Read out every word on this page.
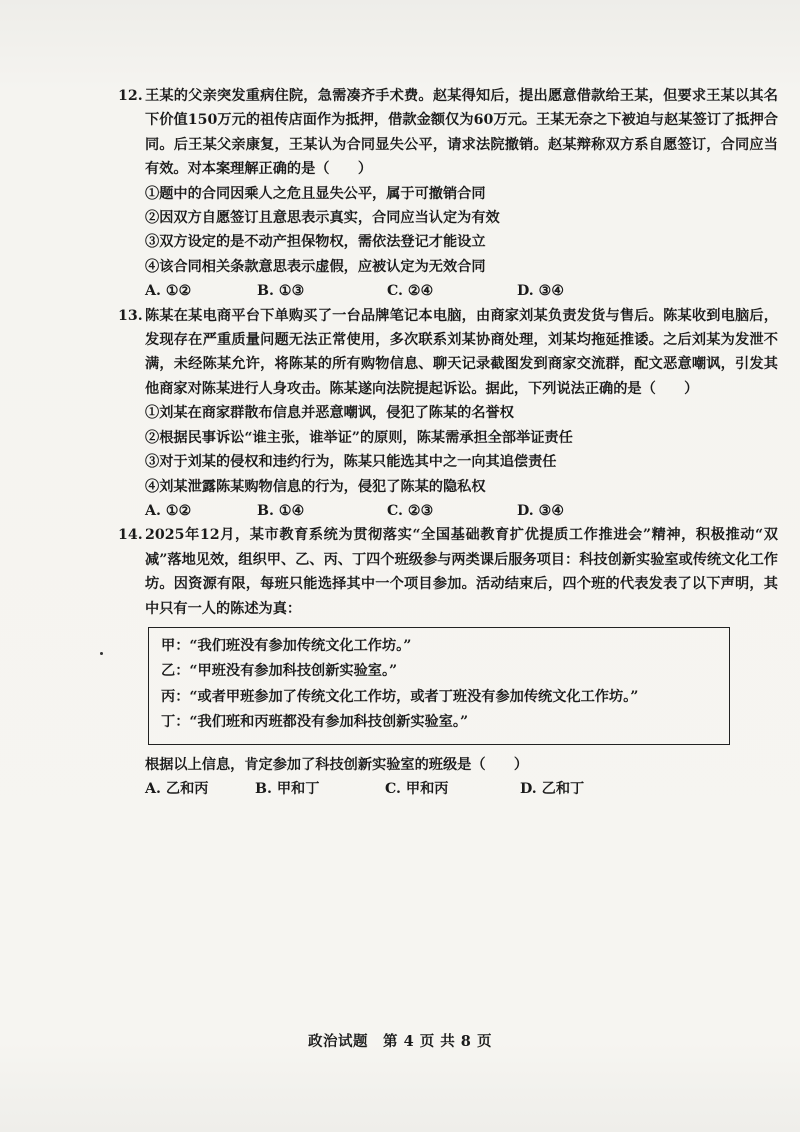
12. 王某的父亲突发重病住院，急需凑齐手术费。赵某得知后，提出愿意借款给王某，但要求王某以其名下价值150万元的祖传店面作为抵押，借款金额仅为60万元。王某无奈之下被迫与赵某签订了抵押合同。后王某父亲康复，王某认为合同显失公平，请求法院撤销。赵某辩称双方系自愿签订，合同应当有效。对本案理解正确的是（　　）
①题中的合同因乘人之危且显失公平，属于可撤销合同
②因双方自愿签订且意思表示真实，合同应当认定为有效
③双方设定的是不动产担保物权，需依法登记才能设立
④该合同相关条款意思表示虚假，应被认定为无效合同
A. ①②	B. ①③	C. ②④	D. ③④
13. 陈某在某电商平台下单购买了一台品牌笔记本电脑，由商家刘某负责发货与售后。陈某收到电脑后，发现存在严重质量问题无法正常使用，多次联系刘某协商处理，刘某均拖延推诿。之后刘某为发泄不满，未经陈某允许，将陈某的所有购物信息、聊天记录截图发到商家交流群，配文恶意嘲讽，引发其他商家对陈某进行人身攻击。陈某遂向法院提起诉讼。据此，下列说法正确的是（　　）
①刘某在商家群散布信息并恶意嘲讽，侵犯了陈某的名誉权
②根据民事诉讼“谁主张，谁举证”的原则，陈某需承担全部举证责任
③对于刘某的侵权和违约行为，陈某只能选其中之一向其追偿责任
④刘某泄露陈某购物信息的行为，侵犯了陈某的隐私权
A. ①②	B. ①④	C. ②③	D. ③④
14. 2025年12月，某市教育系统为贯彻落实“全国基础教育扩优提质工作推进会”精神，积极推动“双减”落地见效，组织甲、乙、丙、丁四个班级参与两类课后服务项目：科技创新实验室或传统文化工作坊。因资源有限，每班只能选择其中一个项目参加。活动结束后，四个班的代表发表了以下声明，其中只有一人的陈述为真：
甲：“我们班没有参加传统文化工作坊。”
乙：“甲班没有参加科技创新实验室。”
丙：“或者甲班参加了传统文化工作坊，或者丁班没有参加传统文化工作坊。”
丁：“我们班和丙班都没有参加科技创新实验室。”
根据以上信息，肯定参加了科技创新实验室的班级是（　　）
A. 乙和丙	B. 甲和丁	C. 甲和丙	D. 乙和丁
政治试题　第 4 页 共 8 页
